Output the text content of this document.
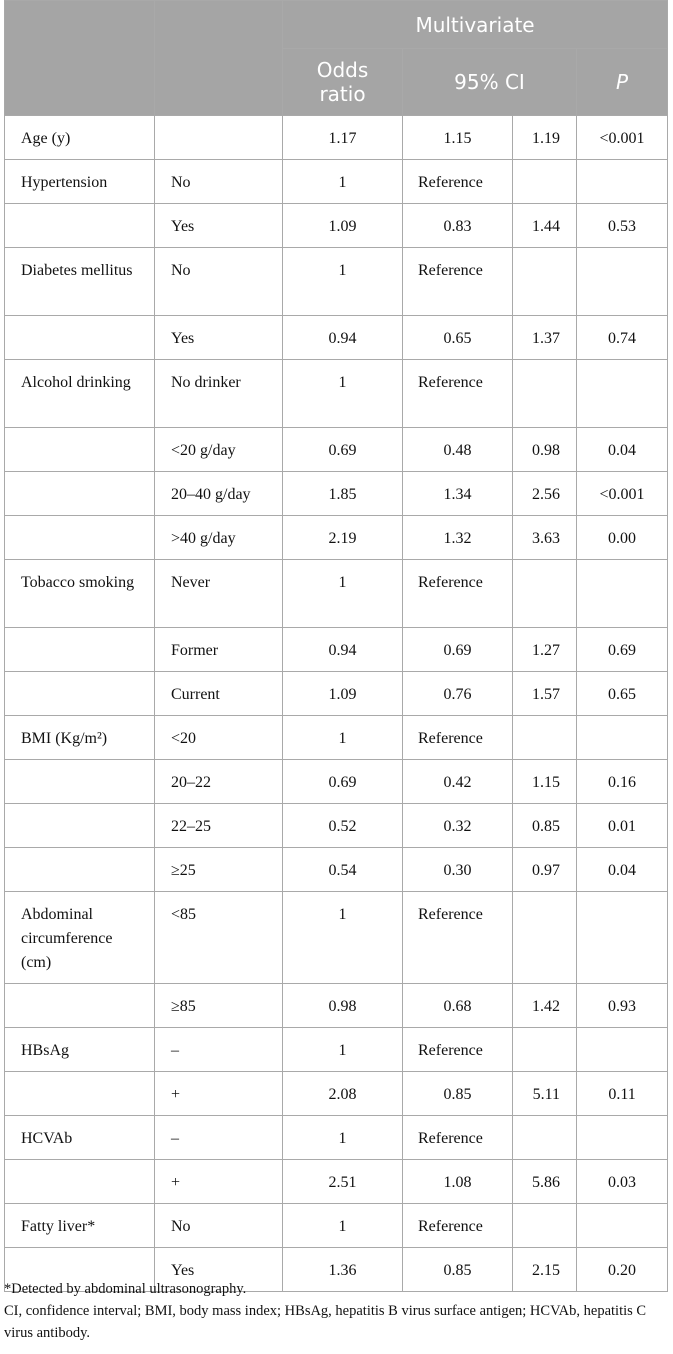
		Multivariate			
		Odds ratio	95% CI		P
Age (y)		1.17	1.15	1.19	<0.001
Hypertension	No	1	Reference		
	Yes	1.09	0.83	1.44	0.53
Diabetes mellitus	No	1	Reference		
	Yes	0.94	0.65	1.37	0.74
Alcohol drinking	No drinker	1	Reference		
	<20 g/day	0.69	0.48	0.98	0.04
	20–40 g/day	1.85	1.34	2.56	<0.001
	>40 g/day	2.19	1.32	3.63	0.00
Tobacco smoking	Never	1	Reference		
	Former	0.94	0.69	1.27	0.69
	Current	1.09	0.76	1.57	0.65
BMI (Kg/m²)	<20	1	Reference		
	20–22	0.69	0.42	1.15	0.16
	22–25	0.52	0.32	0.85	0.01
	≥25	0.54	0.30	0.97	0.04
Abdominal circumference (cm)	<85	1	Reference		
	≥85	0.98	0.68	1.42	0.93
HBsAg	–	1	Reference		
	+	2.08	0.85	5.11	0.11
HCVAb	–	1	Reference		
	+	2.51	1.08	5.86	0.03
Fatty liver*	No	1	Reference		
	Yes	1.36	0.85	2.15	0.20

*Detected by abdominal ultrasonography.

CI, confidence interval; BMI, body mass index; HBsAg, hepatitis B virus surface antigen; HCVAb, hepatitis C virus antibody.
